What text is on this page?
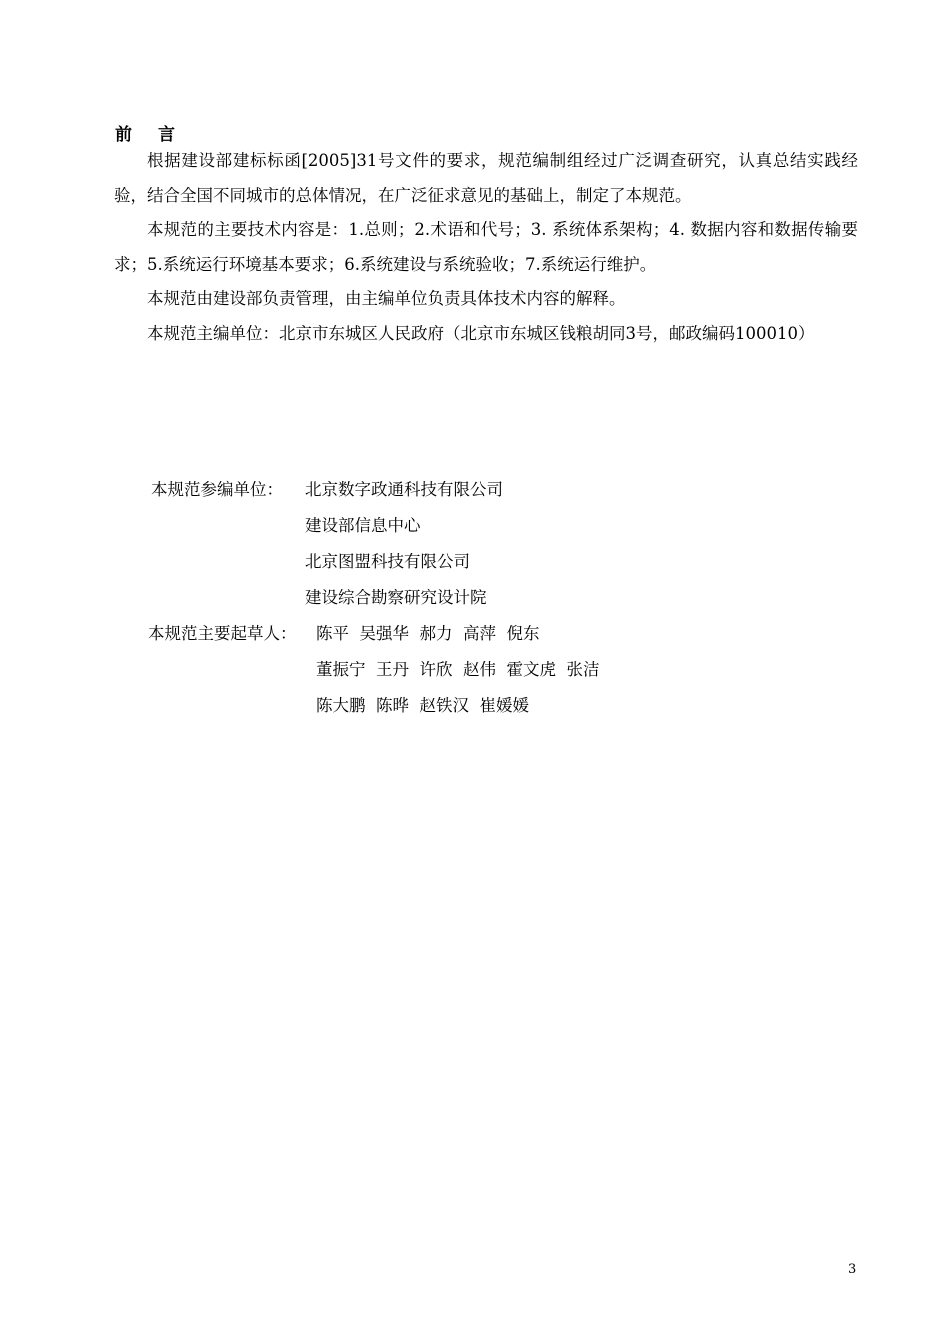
前言

根据建设部建标标函[2005]31号文件的要求，规范编制组经过广泛调查研究，认真总结实践经验，结合全国不同城市的总体情况，在广泛征求意见的基础上，制定了本规范。

本规范的主要技术内容是：1.总则；2.术语和代号；3. 系统体系架构；4. 数据内容和数据传输要求；5.系统运行环境基本要求；6.系统建设与系统验收；7.系统运行维护。

本规范由建设部负责管理，由主编单位负责具体技术内容的解释。

本规范主编单位：北京市东城区人民政府（北京市东城区钱粮胡同3号，邮政编码100010）

本规范参编单位： 北京数字政通科技有限公司
建设部信息中心
北京图盟科技有限公司
建设综合勘察研究设计院
本规范主要起草人： 陈平  吴强华  郝力  高萍  倪东
董振宁  王丹  许欣  赵伟  霍文虎  张洁
陈大鹏  陈晔  赵铁汉  崔媛媛
3
